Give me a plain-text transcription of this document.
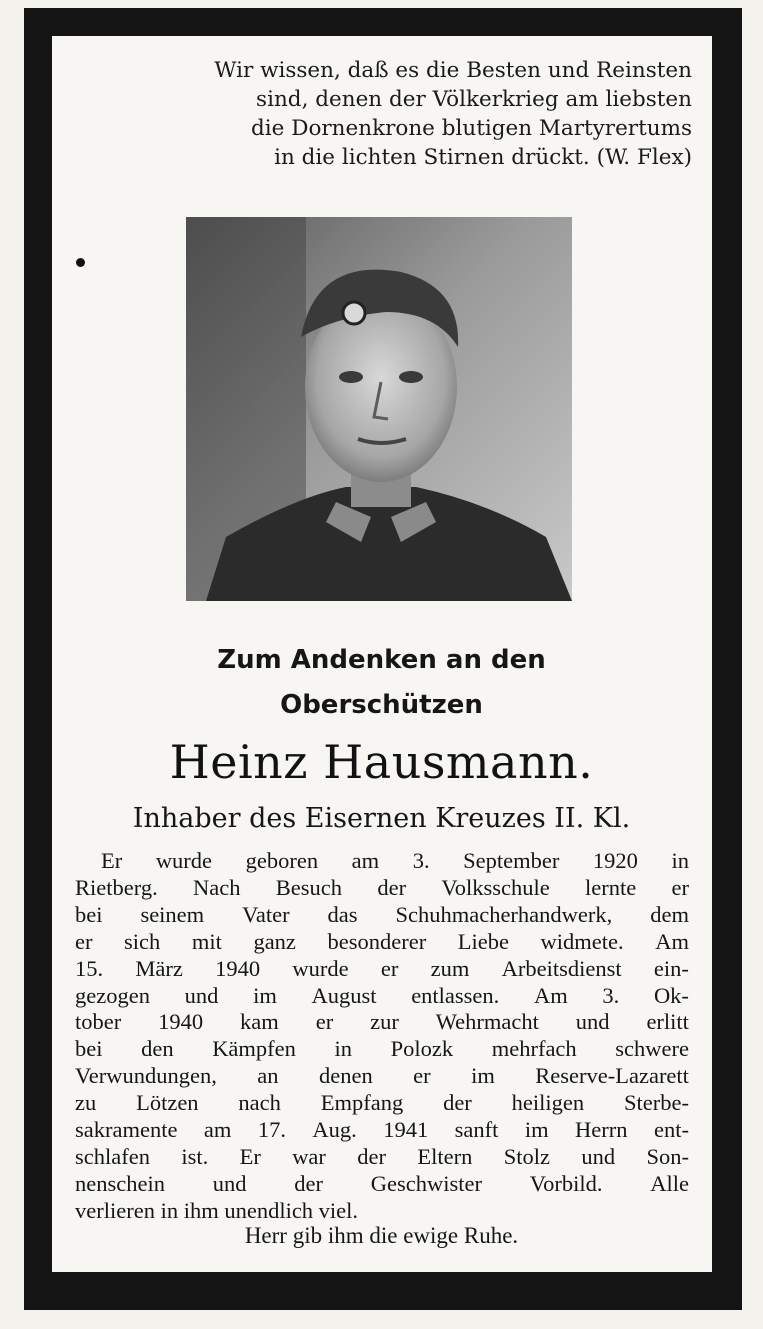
Wir wissen, daß es die Besten und Reinsten
sind, denen der Völkerkrieg am liebsten
die Dornenkrone blutigen Martyrertums
in die lichten Stirnen drückt. (W. Flex)
Zum Andenken an den
Oberschützen
Heinz Hausmann.
Inhaber des Eisernen Kreuzes II. Kl.
Er wurde geboren am 3. September 1920 in
Rietberg. Nach Besuch der Volksschule lernte er
bei seinem Vater das Schuhmacherhandwerk, dem
er sich mit ganz besonderer Liebe widmete. Am
15. März 1940 wurde er zum Arbeitsdienst ein-
gezogen und im August entlassen. Am 3. Ok-
tober 1940 kam er zur Wehrmacht und erlitt
bei den Kämpfen in Polozk mehrfach schwere
Verwundungen, an denen er im Reserve-Lazarett
zu Lötzen nach Empfang der heiligen Sterbe-
sakramente am 17. Aug. 1941 sanft im Herrn ent-
schlafen ist. Er war der Eltern Stolz und Son-
nenschein und der Geschwister Vorbild. Alle
verlieren in ihm unendlich viel.
Herr gib ihm die ewige Ruhe.
